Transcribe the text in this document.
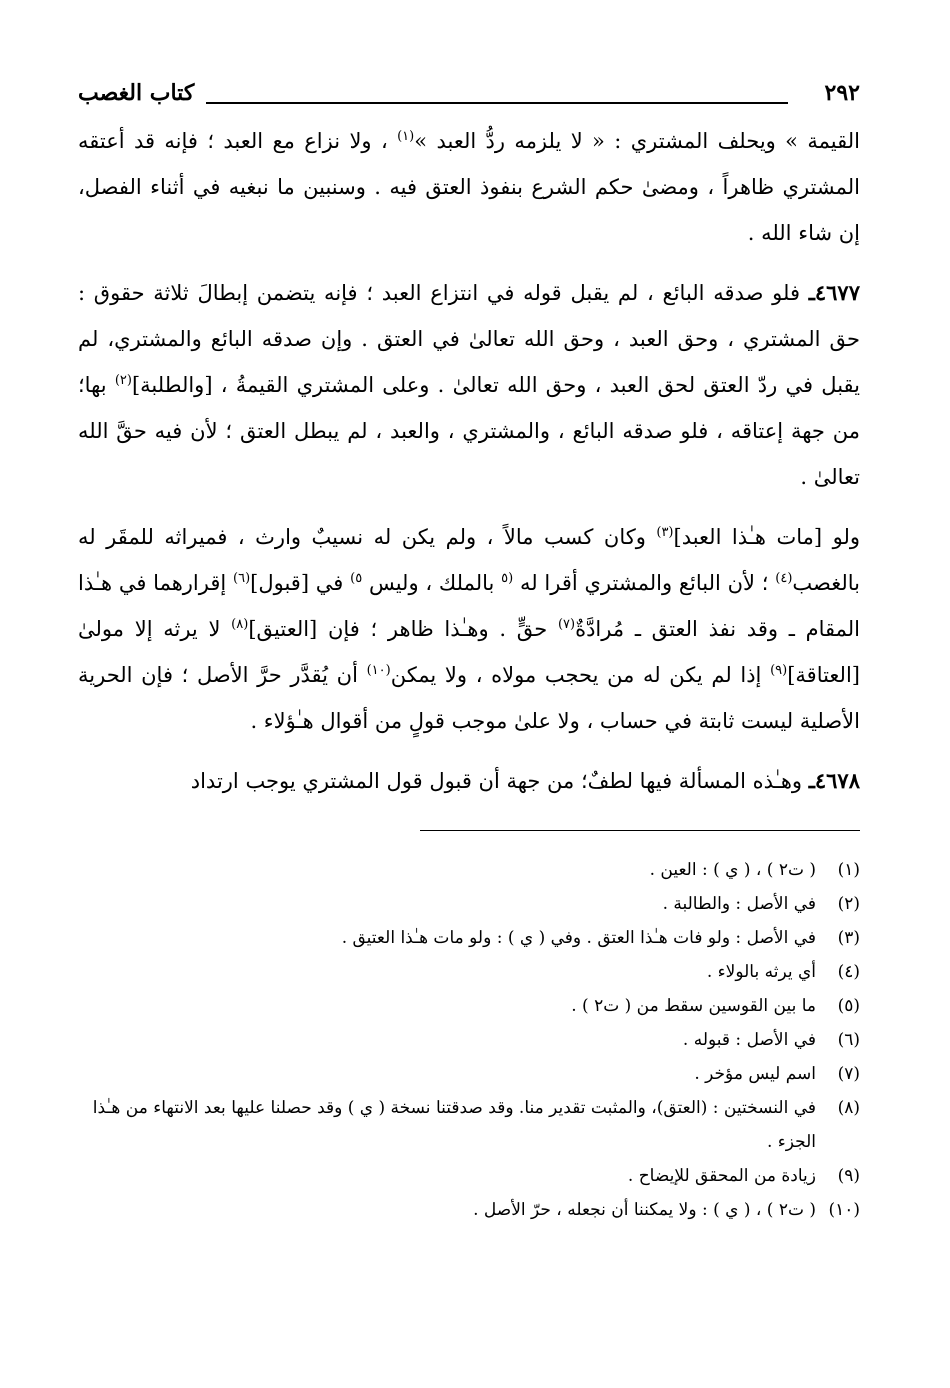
٢٩٢
كتاب الغصب

القيمة » ويحلف المشتري : « لا يلزمه ردُّ العبد »$^{(١)}$ ، ولا نزاع مع العبد ؛ فإنه قد أعتقه المشتري ظاهراً ، ومضىٰ حكم الشرع بنفوذ العتق فيه . وسنبين ما نبغيه في أثناء الفصل، إن شاء الله .

٤٦٧٧ـ فلو صدقه البائع ، لم يقبل قوله في انتزاع العبد ؛ فإنه يتضمن إبطالَ ثلاثة حقوق : حق المشتري ، وحق العبد ، وحق الله تعالىٰ في العتق . وإن صدقه البائع والمشتري، لم يقبل في ردّ العتق لحق العبد ، وحق الله تعالىٰ . وعلى المشتري القيمةُ ، [والطلبة]$^{(٢)}$ بها؛ من جهة إعتاقه ، فلو صدقه البائع ، والمشتري ، والعبد ، لم يبطل العتق ؛ لأن فيه حقَّ الله تعالىٰ .

ولو [مات هـٰذا العبد]$^{(٣)}$ وكان كسب مالاً ، ولم يكن له نسيبٌ وارث ، فميراثه للمقَر له بالغصب$^{(٤)}$ ؛ لأن البائع والمشتري أقرا له $^{(٥}$ بالملك ، وليس $^{٥)}$ في [قبول]$^{(٦)}$ إقرارهما في هـٰذا المقام ـ وقد نفذ العتق ـ مُرادَّةٌ$^{(٧)}$ حقٍّ . وهـٰذا ظاهر ؛ فإن [العتيق]$^{(٨)}$ لا يرثه إلا مولىٰ [العتاقة]$^{(٩)}$ إذا لم يكن له من يحجب مولاه ، ولا يمكن$^{(١٠)}$ أن يُقدَّر حرَّ الأصل ؛ فإن الحرية الأصلية ليست ثابتة في حساب ، ولا علىٰ موجب قولٍ من أقوال هـٰؤلاء .

٤٦٧٨ـ وهـٰذه المسألة فيها لطفٌ؛ من جهة أن قبول قول المشتري يوجب ارتداد

(١)
( ت٢ ) ، ( ي ) : العين .
(٢)
في الأصل : والطالبة .
(٣)
في الأصل : ولو فات هـٰذا العتق . وفي ( ي ) : ولو مات هـٰذا العتيق .
(٤)
أي يرثه بالولاء .
(٥)
ما بين القوسين سقط من ( ت٢ ) .
(٦)
في الأصل : قبوله .
(٧)
اسم ليس مؤخر .
(٨)
في النسختين : (العتق)، والمثبت تقدير منا. وقد صدقتنا نسخة ( ي ) وقد حصلنا عليها بعد الانتهاء من هـٰذا الجزء .
(٩)
زيادة من المحقق للإيضاح .
(١٠)
( ت٢ ) ، ( ي ) : ولا يمكننا أن نجعله ، حرّ الأصل .
